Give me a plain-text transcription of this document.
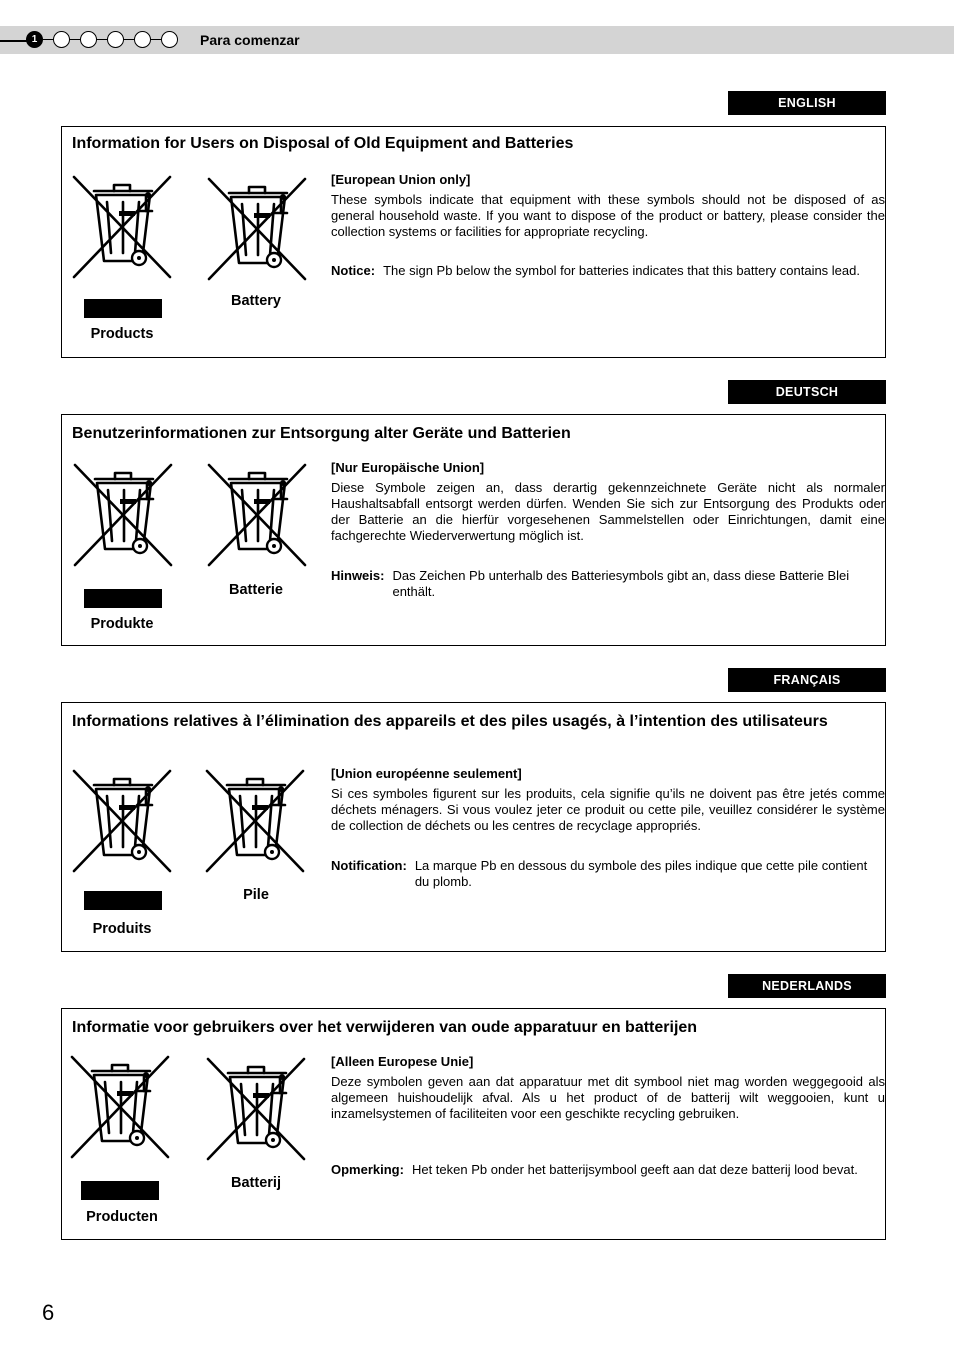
1	Para comenzar
ENGLISH
Information for Users on Disposal of Old Equipment and Batteries
Products
Battery

[European Union only]

These symbols indicate that equipment with these symbols should not be disposed of as general household waste. If you want to dispose of the product or battery, please consider the collection systems or facilities for appropriate recycling.

Notice: The sign Pb below the symbol for batteries indicates that this battery contains lead.
DEUTSCH
Benutzerinformationen zur Entsorgung alter Geräte und Batterien
Produkte
Batterie

[Nur Europäische Union]

Diese Symbole zeigen an, dass derartig gekennzeichnete Geräte nicht als normaler Haushaltsabfall entsorgt werden dürfen. Wenden Sie sich zur Entsorgung des Produkts oder der Batterie an die hierfür vorgesehenen Sammelstellen oder Einrichtungen, damit eine fachgerechte Wiederverwertung möglich ist.

Hinweis: Das Zeichen Pb unterhalb des Batteriesymbols gibt an, dass diese Batterie Blei enthält.
FRANÇAIS
Informations relatives à l’élimination des appareils et des piles usagés, à l’intention des utilisateurs
Produits
Pile

[Union européenne seulement]

Si ces symboles figurent sur les produits, cela signifie qu’ils ne doivent pas être jetés comme déchets ménagers. Si vous voulez jeter ce produit ou cette pile, veuillez considérer le système de collection de déchets ou les centres de recyclage appropriés.

Notification: La marque Pb en dessous du symbole des piles indique que cette pile contient du plomb.
NEDERLANDS
Informatie voor gebruikers over het verwijderen van oude apparatuur en batterijen
Producten
Batterij

[Alleen Europese Unie]

Deze symbolen geven aan dat apparatuur met dit symbool niet mag worden weggegooid als algemeen huishoudelijk afval. Als u het product of de batterij wilt weggooien, kunt u inzamelsystemen of faciliteiten voor een geschikte recycling gebruiken.

Opmerking: Het teken Pb onder het batterijsymbool geeft aan dat deze batterij lood bevat.
6
